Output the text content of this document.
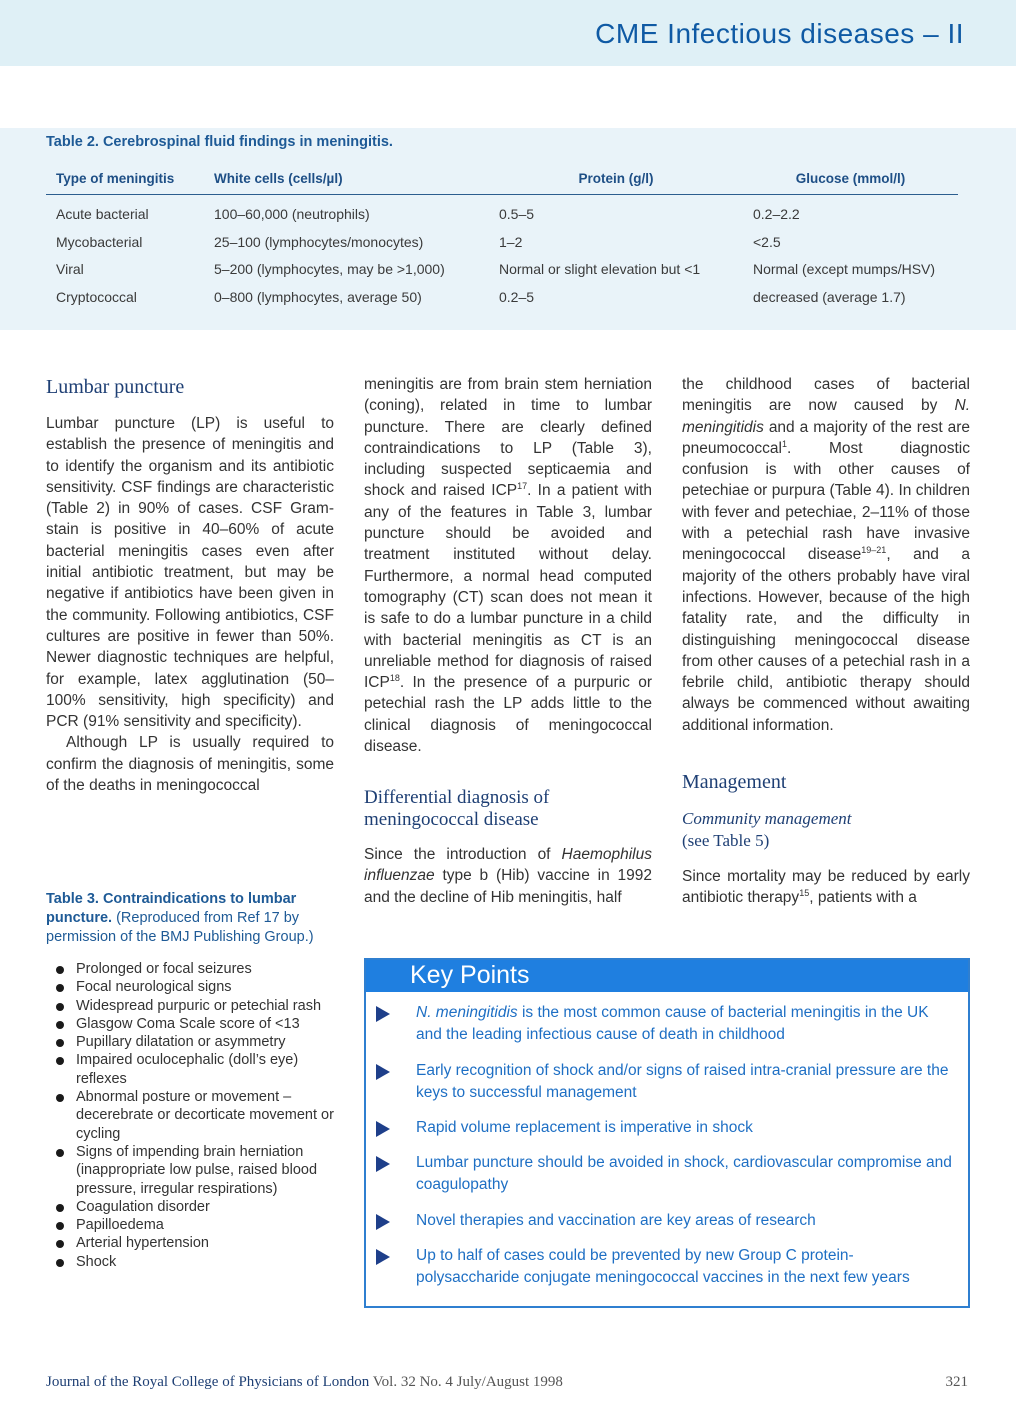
CME Infectious diseases – II
Table 2. Cerebrospinal fluid findings in meningitis.
Type of meningitis	White cells (cells/µl)	Protein (g/l)	Glucose (mmol/l)
Acute bacterial	100–60,000 (neutrophils)	0.5–5	0.2–2.2
Mycobacterial	25–100 (lymphocytes/monocytes)	1–2	<2.5
Viral	5–200 (lymphocytes, may be >1,000)	Normal or slight elevation but <1	Normal (except mumps/HSV)
Cryptococcal	0–800 (lymphocytes, average 50)	0.2–5	decreased (average 1.7)
Lumbar puncture

Lumbar puncture (LP) is useful to establish the presence of meningitis and to identify the organism and its antibiotic sensitivity. CSF findings are characteristic (Table 2) in 90% of cases. CSF Gram-stain is positive in 40–60% of acute bacterial meningitis cases even after initial antibiotic treatment, but may be negative if antibiotics have been given in the community. Following antibiotics, CSF cultures are positive in fewer than 50%. Newer diagnostic techniques are helpful, for example, latex agglutination (50–100% sensitivity, high specificity) and PCR (91% sensitivity and specificity).

Although LP is usually required to confirm the diagnosis of meningitis, some of the deaths in meningococcal

meningitis are from brain stem herniation (coning), related in time to lumbar puncture. There are clearly defined contraindications to LP (Table 3), including suspected septicaemia and shock and raised ICP$^{17}$. In a patient with any of the features in Table 3, lumbar puncture should be avoided and treatment instituted without delay. Furthermore, a normal head computed tomography (CT) scan does not mean it is safe to do a lumbar puncture in a child with bacterial meningitis as CT is an unreliable method for diagnosis of raised ICP$^{18}$. In the presence of a purpuric or petechial rash the LP adds little to the clinical diagnosis of meningococcal disease.

Differential diagnosis of meningococcal disease

Since the introduction of Haemophilus influenzae type b (Hib) vaccine in 1992 and the decline of Hib meningitis, half

the childhood cases of bacterial meningitis are now caused by N. meningitidis and a majority of the rest are pneumococcal$^1$. Most diagnostic confusion is with other causes of petechiae or purpura (Table 4). In children with fever and petechiae, 2–11% of those with a petechial rash have invasive meningococcal disease$^{19-21}$, and a majority of the others probably have viral infections. However, because of the high fatality rate, and the difficulty in distinguishing meningococcal disease from other causes of a petechial rash in a febrile child, antibiotic therapy should always be commenced without awaiting additional information.

Management
Community management
(see Table 5)

Since mortality may be reduced by early antibiotic therapy$^{15}$, patients with a

Table 3. Contraindications to lumbar puncture. (Reproduced from Ref 17 by permission of the BMJ Publishing Group.)
Prolonged or focal seizures
Focal neurological signs
Widespread purpuric or petechial rash
Glasgow Coma Scale score of <13
Pupillary dilatation or asymmetry
Impaired oculocephalic (doll’s eye) reflexes
Abnormal posture or movement – decerebrate or decorticate movement or cycling
Signs of impending brain herniation (inappropriate low pulse, raised blood pressure, irregular respirations)
Coagulation disorder
Papilloedema
Arterial hypertension
Shock
Key Points
N. meningitidis is the most common cause of bacterial meningitis in the UK and the leading infectious cause of death in childhood
Early recognition of shock and/or signs of raised intra-cranial pressure are the keys to successful management
Rapid volume replacement is imperative in shock
Lumbar puncture should be avoided in shock, cardiovascular compromise and coagulopathy
Novel therapies and vaccination are key areas of research
Up to half of cases could be prevented by new Group C protein-polysaccharide conjugate meningococcal vaccines in the next few years
Journal of the Royal College of Physicians of London Vol. 32 No. 4 July/August 1998	321
